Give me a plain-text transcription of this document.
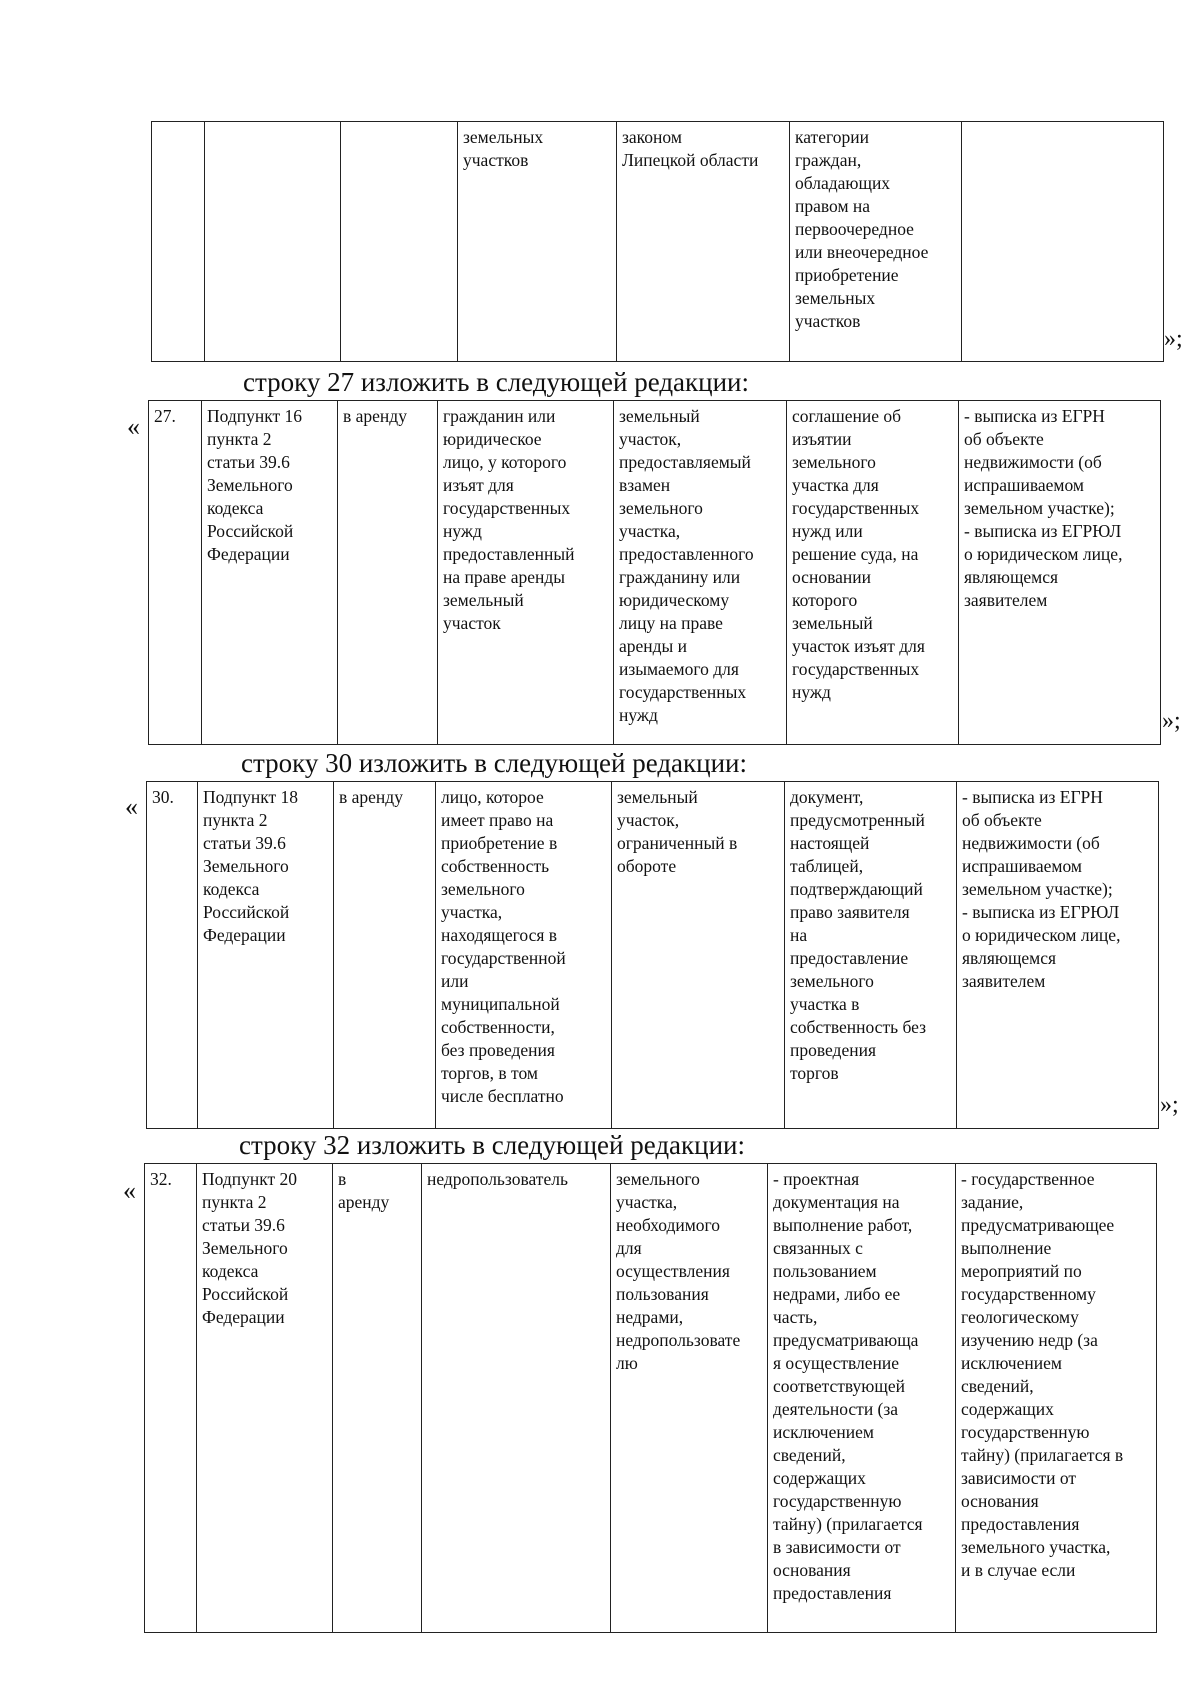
			земельных
участков	законом
Липецкой области	категории
граждан,
обладающих
правом на
первоочередное
или внеочередное
приобретение
земельных
участков	
»;
строку 27 изложить в следующей редакции:
« 27.	Подпункт 16
пункта 2
статьи 39.6
Земельного
кодекса
Российской
Федерации	в аренду	гражданин или
юридическое
лицо, у которого
изъят для
государственных
нужд
предоставленный
на праве аренды
земельный
участок	земельный
участок,
предоставляемый
взамен
земельного
участка,
предоставленного
гражданину или
юридическому
лицу на праве
аренды и
изымаемого для
государственных
нужд	соглашение об
изъятии
земельного
участка для
государственных
нужд или
решение суда, на
основании
которого
земельный
участок изъят для
государственных
нужд	- выписка из ЕГРН
об объекте
недвижимости (об
испрашиваемом
земельном участке);
- выписка из ЕГРЮЛ
о юридическом лице,
являющемся
заявителем
»;
строку 30 изложить в следующей редакции:
« 30.	Подпункт 18
пункта 2
статьи 39.6
Земельного
кодекса
Российской
Федерации	в аренду	лицо, которое
имеет право на
приобретение в
собственность
земельного
участка,
находящегося в
государственной
или
муниципальной
собственности,
без проведения
торгов, в том
числе бесплатно	земельный
участок,
ограниченный в
обороте	документ,
предусмотренный
настоящей
таблицей,
подтверждающий
право заявителя
на
предоставление
земельного
участка в
собственность без
проведения
торгов	- выписка из ЕГРН
об объекте
недвижимости (об
испрашиваемом
земельном участке);
- выписка из ЕГРЮЛ
о юридическом лице,
являющемся
заявителем
»;
строку 32 изложить в следующей редакции:
« 32.	Подпункт 20
пункта 2
статьи 39.6
Земельного
кодекса
Российской
Федерации	в
аренду	недропользователь	земельного
участка,
необходимого
для
осуществления
пользования
недрами,
недропользовате
лю	- проектная
документация на
выполнение работ,
связанных с
пользованием
недрами, либо ее
часть,
предусматривающа
я осуществление
соответствующей
деятельности (за
исключением
сведений,
содержащих
государственную
тайну) (прилагается
в зависимости от
основания
предоставления	- государственное
задание,
предусматривающее
выполнение
мероприятий по
государственному
геологическому
изучению недр (за
исключением
сведений,
содержащих
государственную
тайну) (прилагается в
зависимости от
основания
предоставления
земельного участка,
и в случае если
